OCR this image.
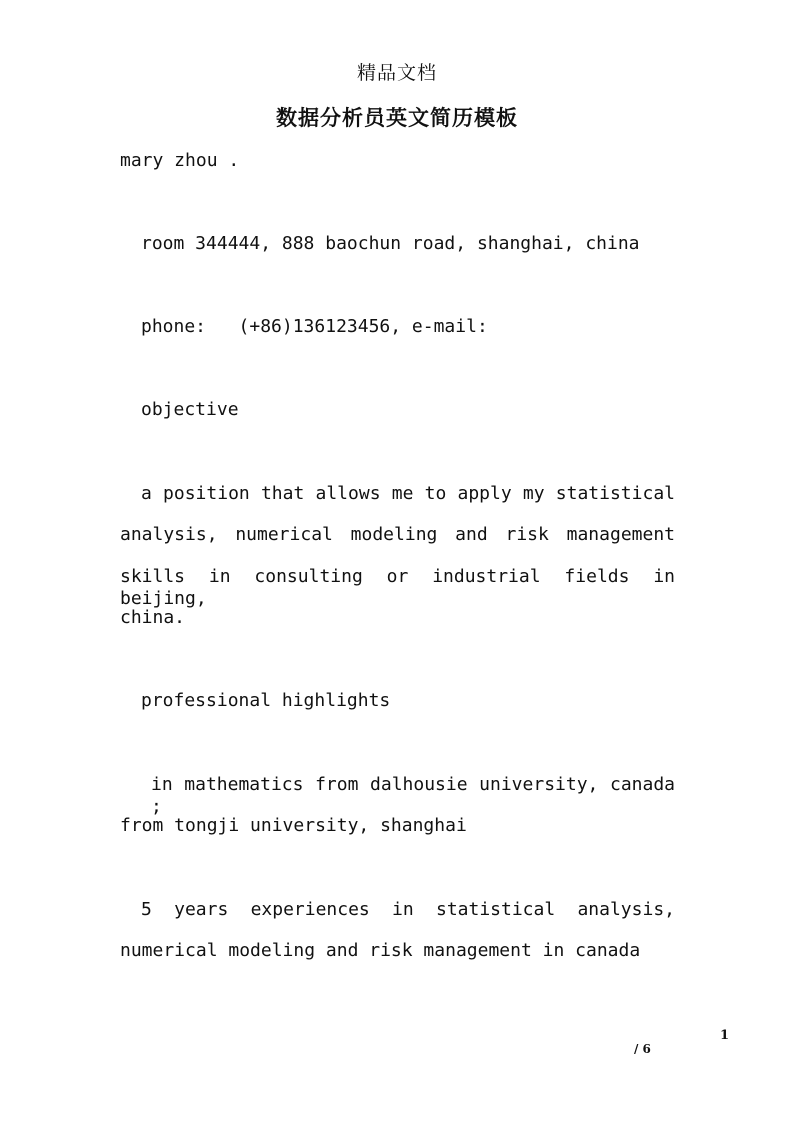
精品文档
数据分析员英文简历模板
mary zhou .
room 344444, 888 baochun road, shanghai, china
phone:   (+86)136123456, e-mail:
objective
a position that allows me to apply my statistical
analysis, numerical modeling and risk management
skills in consulting or industrial fields in beijing,
china.
professional highlights
in mathematics from dalhousie university, canada ;
from tongji university, shanghai
5 years experiences in statistical analysis,
numerical modeling and risk management in canada
1
/ 6
